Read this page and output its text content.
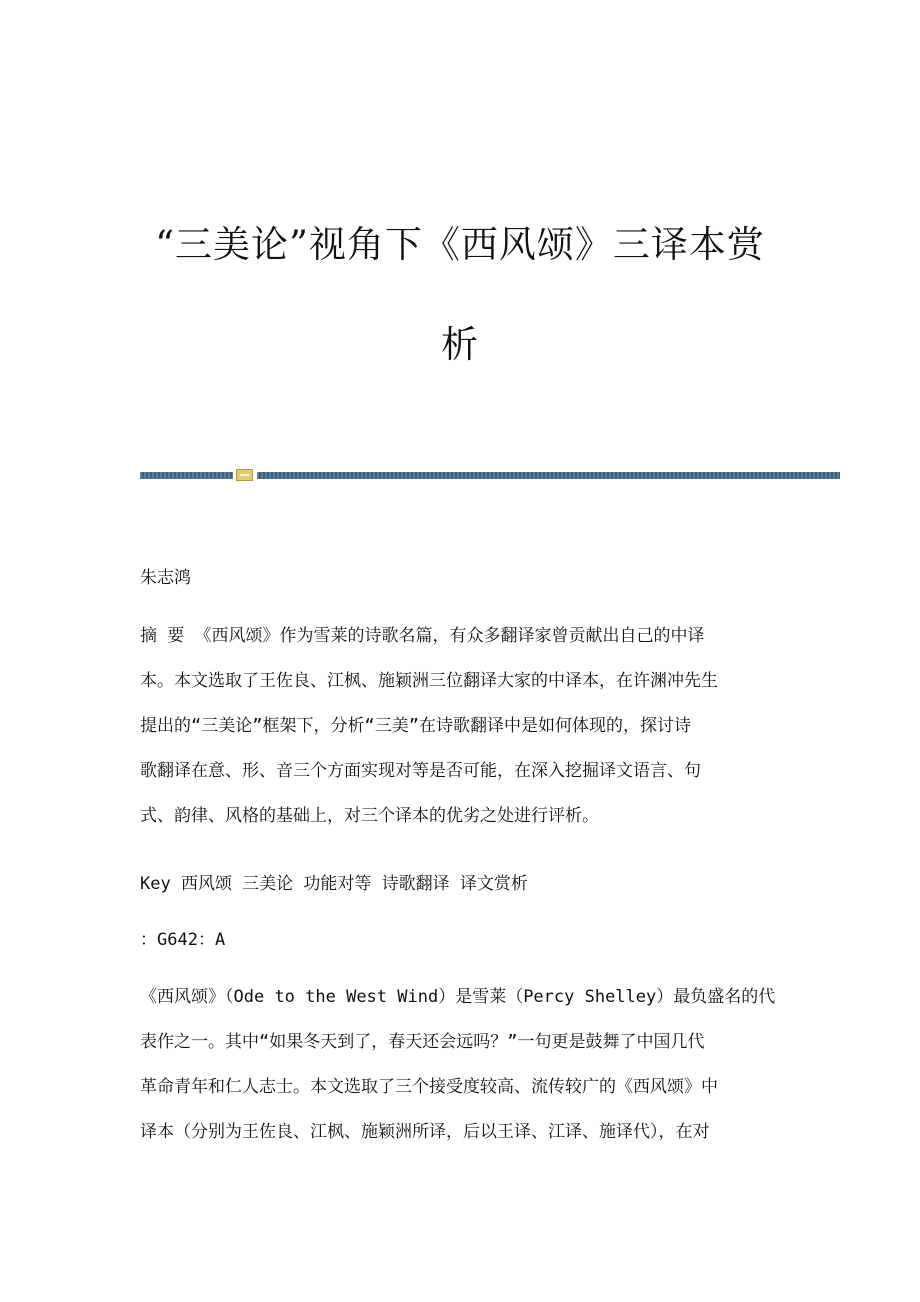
“三美论”视角下《西风颂》三译本赏
析

朱志鸿

摘 要 《西风颂》作为雪莱的诗歌名篇，有众多翻译家曾贡献出自己的中译
本。本文选取了王佐良、江枫、施颖洲三位翻译大家的中译本，在许渊冲先生
提出的“三美论”框架下，分析“三美”在诗歌翻译中是如何体现的，探讨诗
歌翻译在意、形、音三个方面实现对等是否可能，在深入挖掘译文语言、句
式、韵律、风格的基础上，对三个译本的优劣之处进行评析。

Key 西风颂 三美论 功能对等 诗歌翻译 译文赏析

：G642：A

《西风颂》（Ode to the West Wind）是雪莱（Percy Shelley）最负盛名的代
表作之一。其中“如果冬天到了，春天还会远吗？”一句更是鼓舞了中国几代
革命青年和仁人志士。本文选取了三个接受度较高、流传较广的《西风颂》中
译本（分别为王佐良、江枫、施颖洲所译，后以王译、江译、施译代），在对
